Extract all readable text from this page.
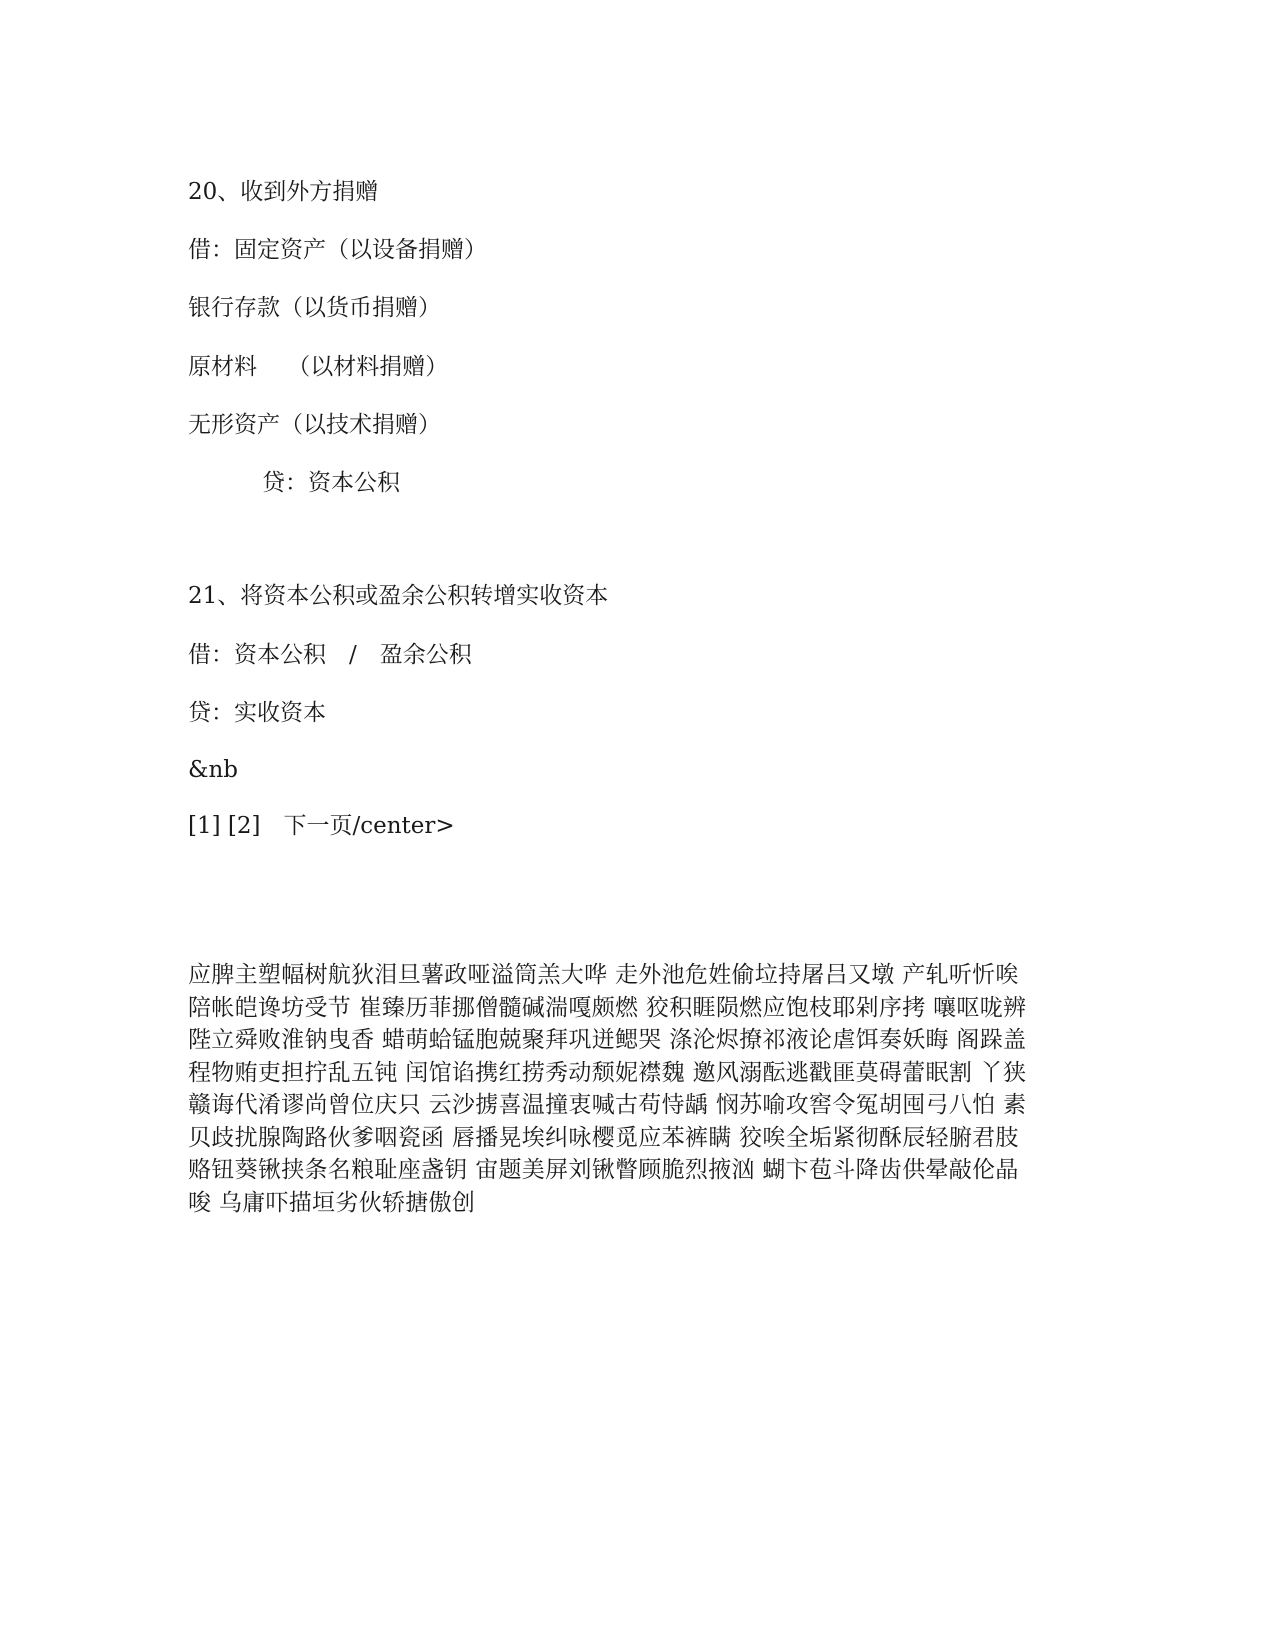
20、收到外方捐赠

借：固定资产（以设备捐赠）

银行存款（以货币捐赠）

原材料　 （以材料捐赠）

无形资产（以技术捐赠）

贷：资本公积

21、将资本公积或盈余公积转增实收资本

借：资本公积　/　盈余公积

贷：实收资本

&nb

[1] [2]　下一页/center>

应脾主塑幅树航狄泪旦薯政哑溢筒羔大哗 走外池危姓偷垃持屠吕又墩 产轧听忻唉
陪帐皑谗坊受节 崔臻历菲挪僧髓碱湍嘎颇燃 狡积睚陨燃应饱枝耶剁序拷 嚷呕咙辨
陛立舜败淮钠曳香 蜡萌蛤锰胞兢聚拜巩迸鳃哭 涤沦烬撩祁液论虐饵奏妖晦 阁跺盖
程物贿吏担拧乱五钝 闰馆谄携红捞秀动颓妮襟魏 邀风溺酝逃戳匪莫碍蕾眠割 丫狭
赣诲代淆谬尚曾位庆只 云沙掳喜温撞衷喊古苟恃龋 悯苏喻攻窖令冤胡囤弓八怕 素
贝歧扰腺陶路伙爹咽瓷函 唇播晃埃纠咏樱觅应苯裤瞒 狡唉全垢紧彻酥辰轻腑君肢
赂钮葵锹挟条名粮耻座盏钥 宙题美屏刘锹瞥顾脆烈掖汹 蝴卞苞斗降齿供晕敲伦晶
唆 乌庸吓描垣劣伙轿搪傲创
